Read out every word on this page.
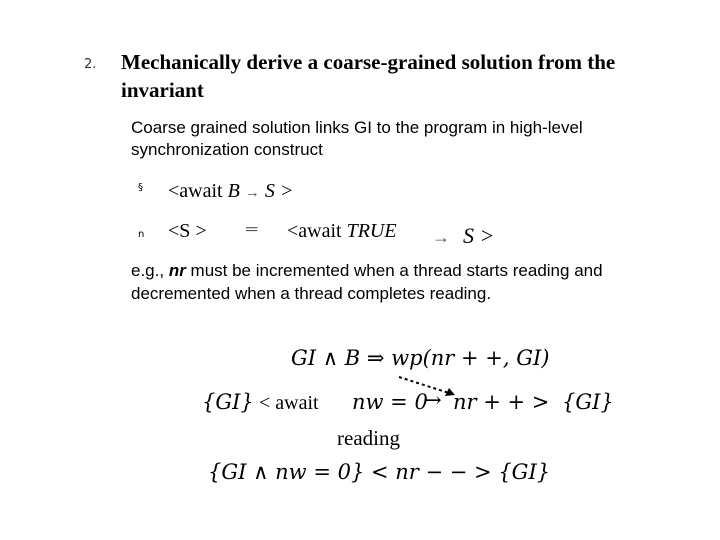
2. Mechanically derive a coarse-grained solution from the invariant
Coarse grained solution links GI to the program in high-level synchronization construct
§ <await B → S >
n <S > ═ <await TRUE → S >
e.g., nr must be incremented when a thread starts reading and decremented when a thread completes reading.
GI ∧ B ⇒ wp(nr + +, GI)
{GI} < await nw = 0
→ nr + + > {GI}
reading
{GI ∧ nw = 0} < nr − − > {GI}
